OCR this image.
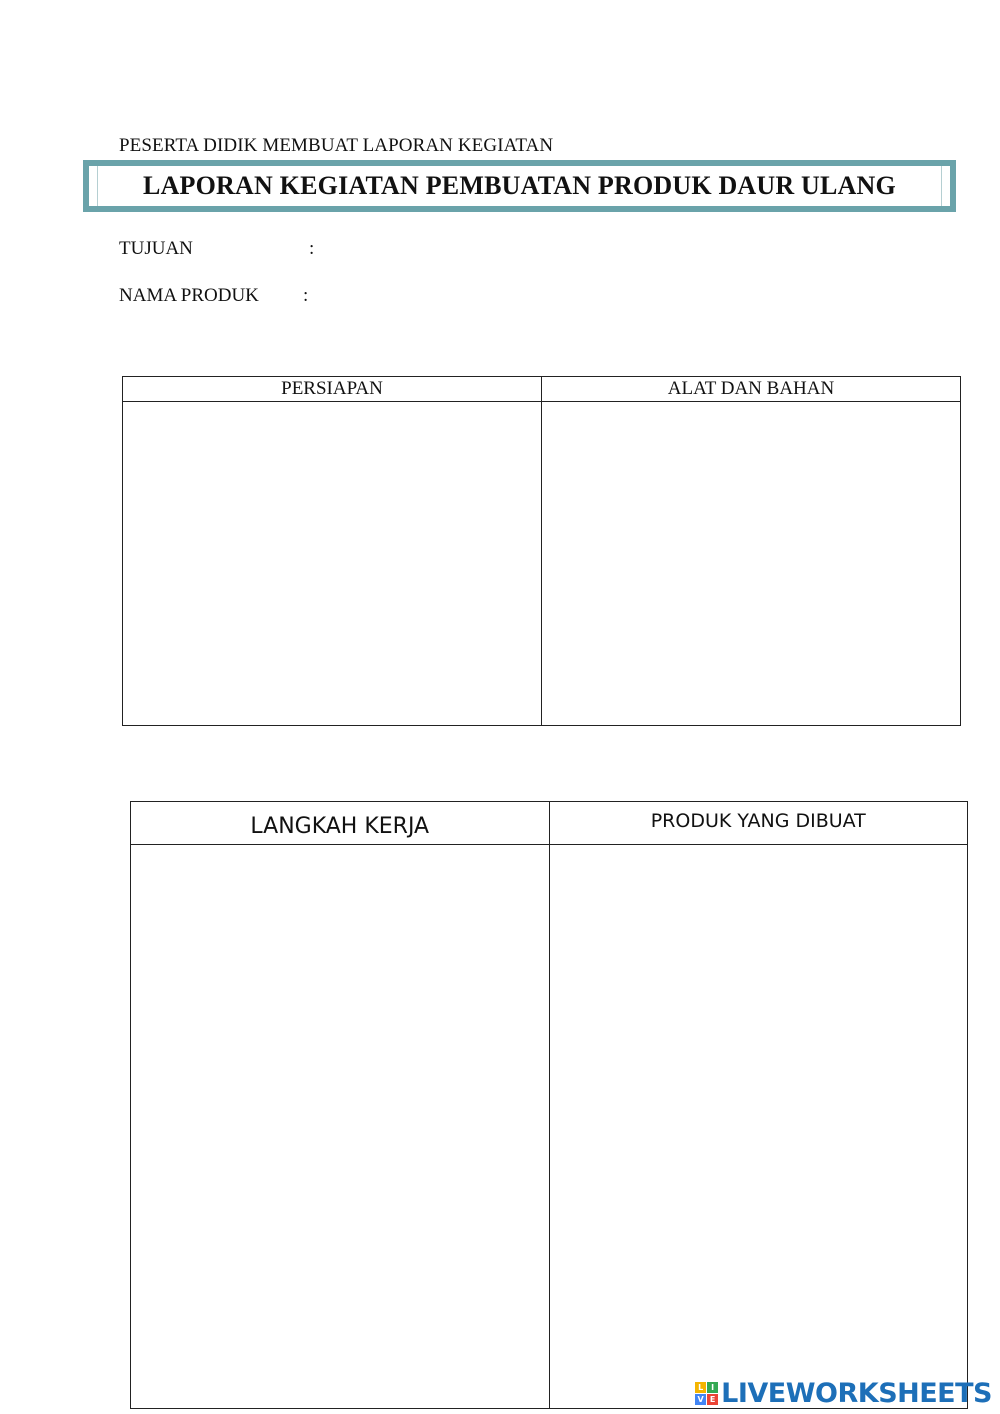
PESERTA DIDIK MEMBUAT LAPORAN KEGIATAN
LAPORAN KEGIATAN PEMBUATAN PRODUK DAUR ULANG
TUJUAN	:
NAMA PRODUK :
PERSIAPAN	ALAT DAN BAHAN

LANGKAH KERJA	PRODUK YANG DIBUAT

L I
V E LIVEWORKSHEETS
